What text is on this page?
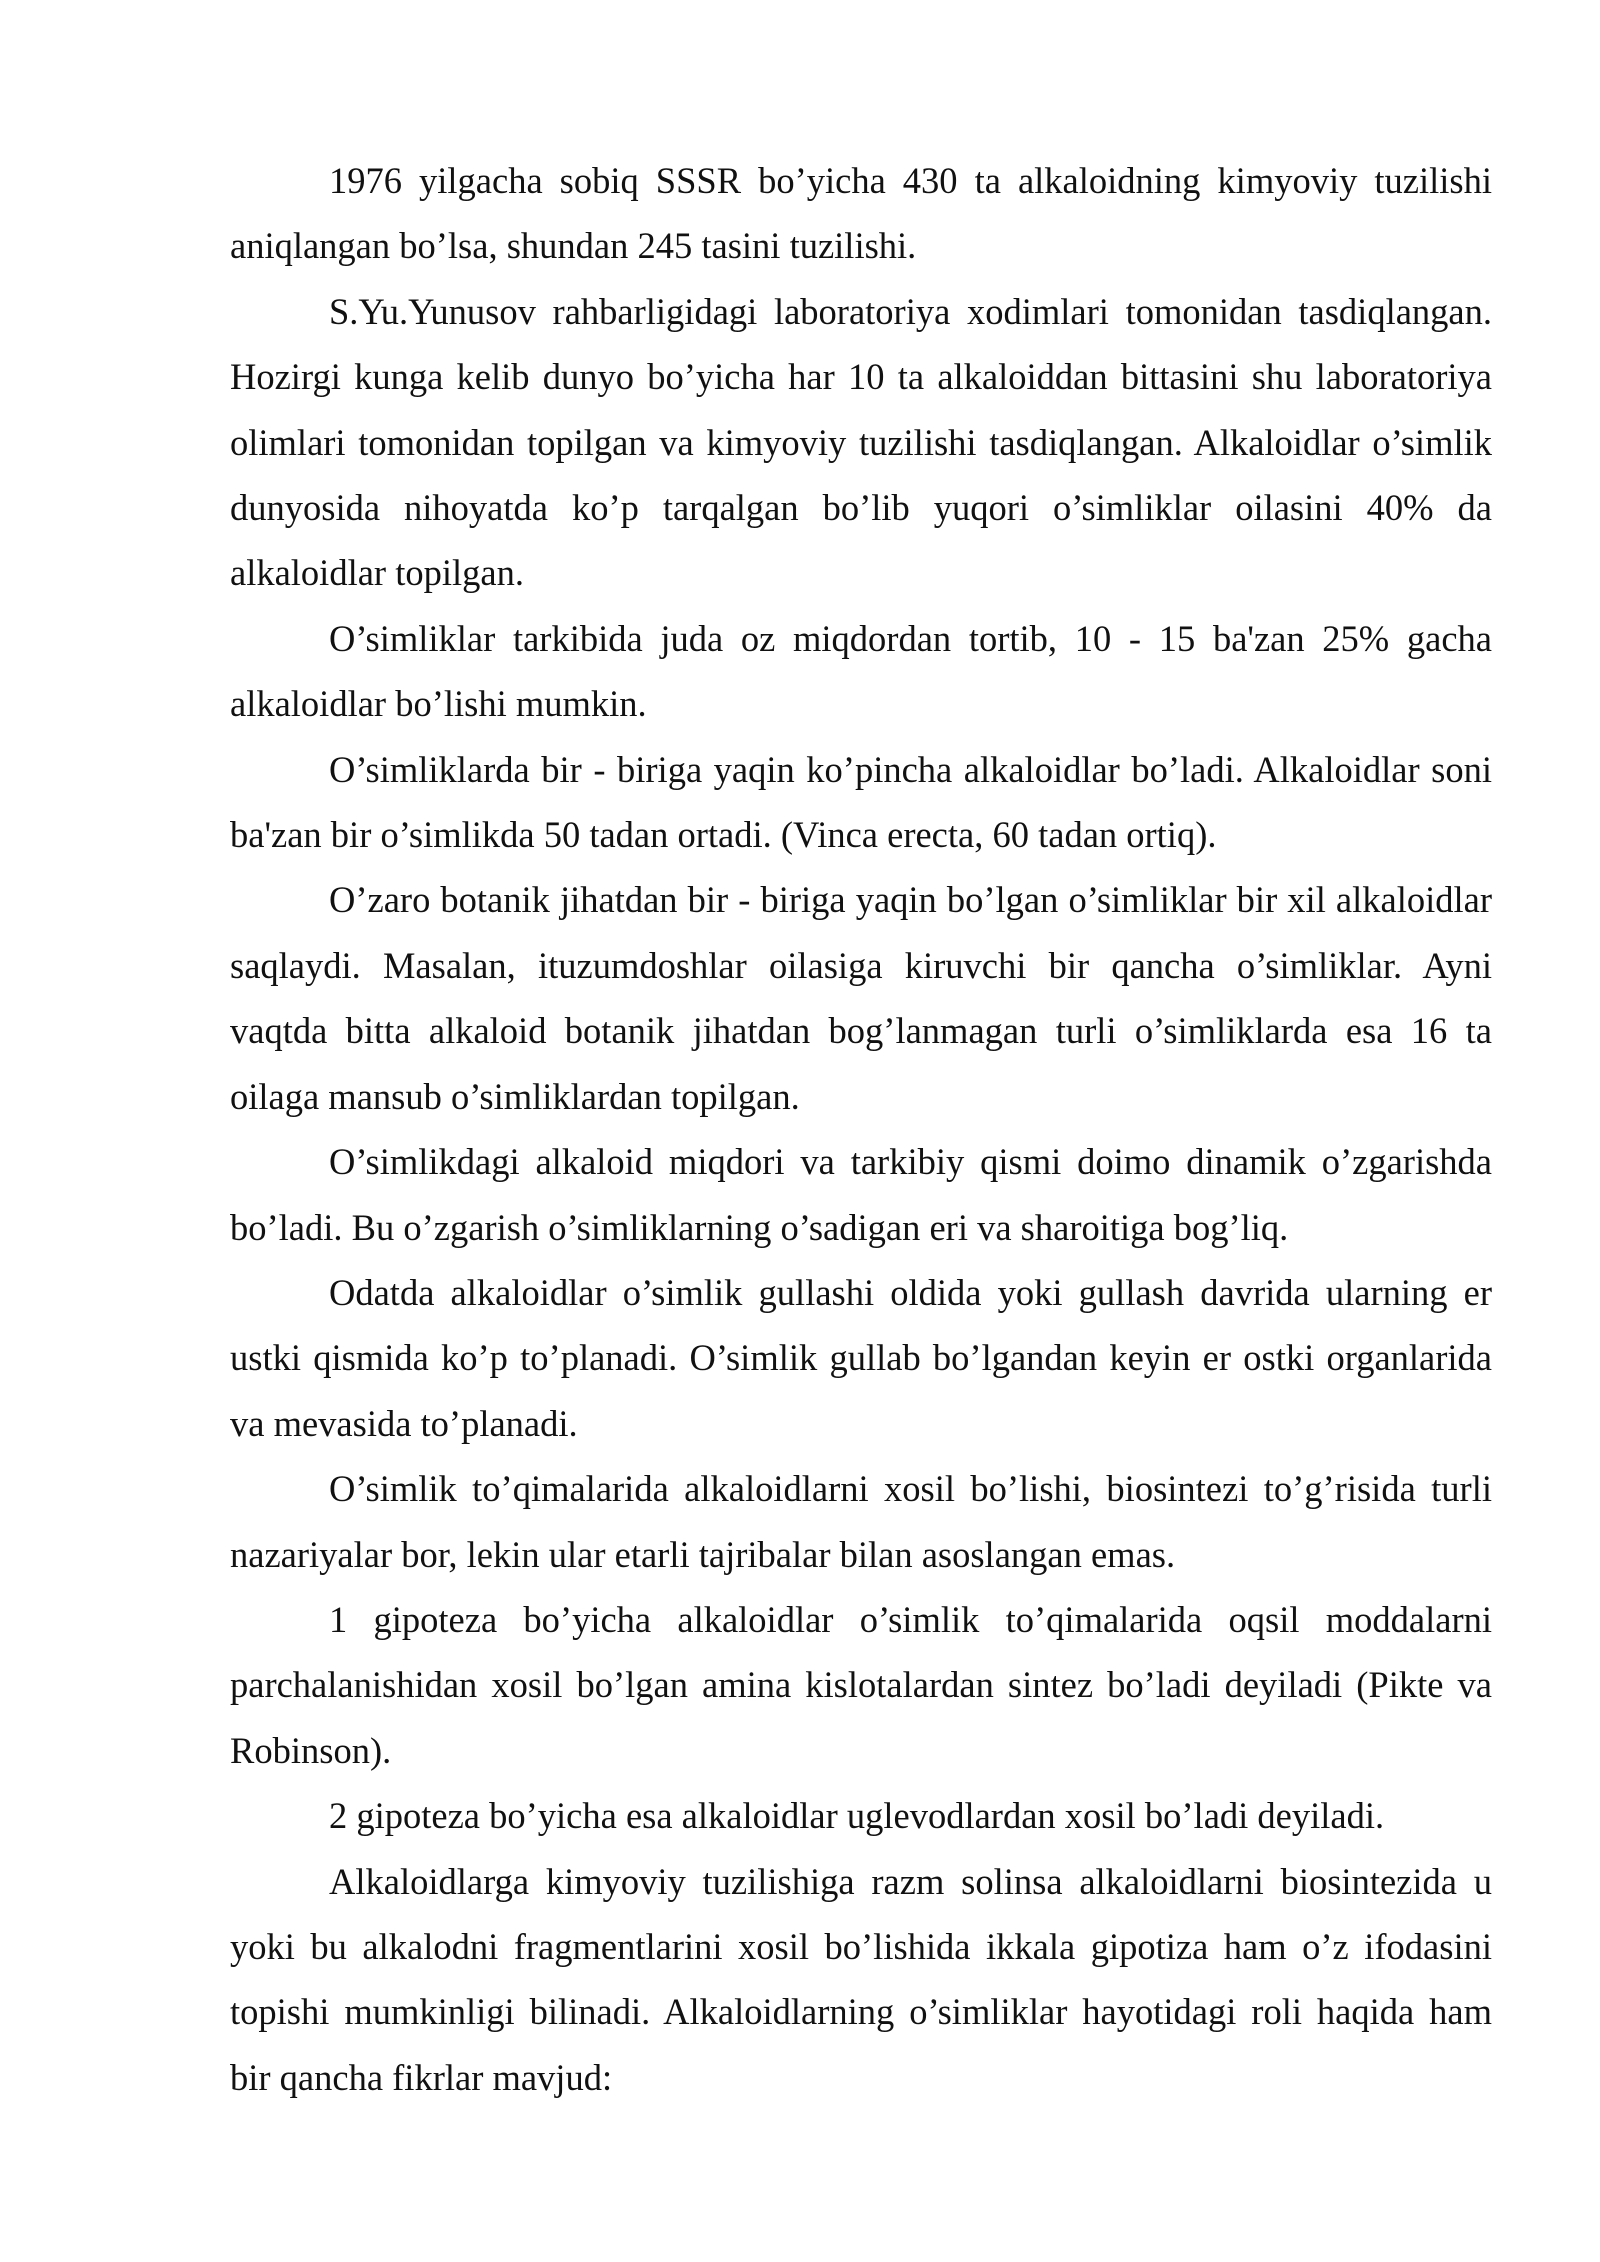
1976 yilgacha sobiq SSSR bo’yicha 430 ta alkaloidning kimyoviy tuzilishi aniqlangan bo’lsa, shundan 245 tasini tuzilishi.

S.Yu.Yunusov rahbarligidagi laboratoriya xodimlari tomonidan tasdiqlangan. Hozirgi kunga kelib dunyo bo’yicha har 10 ta alkaloiddan bittasini shu laboratoriya olimlari tomonidan topilgan va kimyoviy tuzilishi tasdiqlangan. Alkaloidlar o’simlik dunyosida nihoyatda ko’p tarqalgan bo’lib yuqori o’simliklar oilasini 40% da alkaloidlar topilgan.

O’simliklar tarkibida juda oz miqdordan tortib, 10 - 15 ba'zan 25% gacha alkaloidlar bo’lishi mumkin.

O’simliklarda bir - biriga yaqin ko’pincha alkaloidlar bo’ladi. Alkaloidlar soni ba'zan bir o’simlikda 50 tadan ortadi. (Vinca erecta, 60 tadan ortiq).

O’zaro botanik jihatdan bir - biriga yaqin bo’lgan o’simliklar bir xil alkaloidlar saqlaydi. Masalan, ituzumdoshlar oilasiga kiruvchi bir qancha o’simliklar. Ayni vaqtda bitta alkaloid botanik jihatdan bog’lanmagan turli o’simliklarda esa 16 ta oilaga mansub o’simliklardan topilgan.

O’simlikdagi alkaloid miqdori va tarkibiy qismi doimo dinamik o’zgarishda bo’ladi. Bu o’zgarish o’simliklarning o’sadigan eri va sharoitiga bog’liq.

Odatda alkaloidlar o’simlik gullashi oldida yoki gullash davrida ularning er ustki qismida ko’p to’planadi. O’simlik gullab bo’lgandan keyin er ostki organlarida va mevasida to’planadi.

O’simlik to’qimalarida alkaloidlarni xosil bo’lishi, biosintezi to’g’risida turli nazariyalar bor, lekin ular etarli tajribalar bilan asoslangan emas.

1 gipoteza bo’yicha alkaloidlar o’simlik to’qimalarida oqsil moddalarni parchalanishidan xosil bo’lgan amina kislotalardan sintez bo’ladi deyiladi (Pikte va Robinson).

2 gipoteza bo’yicha esa alkaloidlar uglevodlardan xosil bo’ladi deyiladi.

Alkaloidlarga kimyoviy tuzilishiga razm solinsa alkaloidlarni biosintezida u yoki bu alkalodni fragmentlarini xosil bo’lishida ikkala gipotiza ham o’z ifodasini topishi mumkinligi bilinadi. Alkaloidlarning o’simliklar hayotidagi roli haqida ham bir qancha fikrlar mavjud:
